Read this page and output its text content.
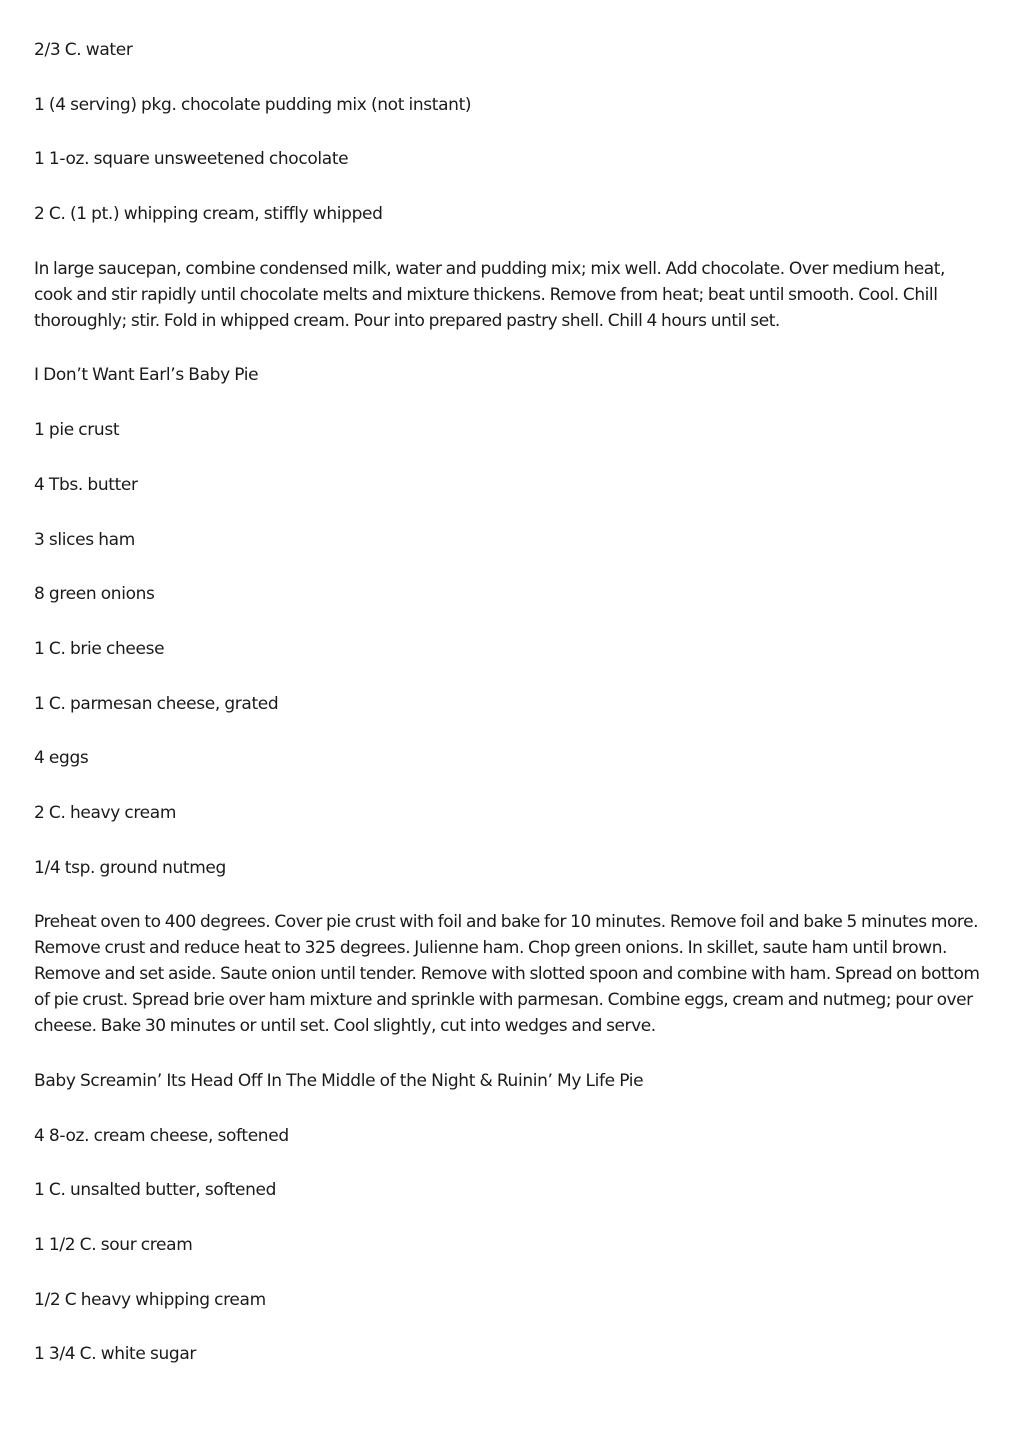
2/3 C. water

1 (4 serving) pkg. chocolate pudding mix (not instant)

1 1-oz. square unsweetened chocolate

2 C. (1 pt.) whipping cream, stiffly whipped

In large saucepan, combine condensed milk, water and pudding mix; mix well. Add chocolate. Over medium heat, cook and stir rapidly until chocolate melts and mixture thickens. Remove from heat; beat until smooth. Cool. Chill thoroughly; stir. Fold in whipped cream. Pour into prepared pastry shell. Chill 4 hours until set.

I Don’t Want Earl’s Baby Pie

1 pie crust

4 Tbs. butter

3 slices ham

8 green onions

1 C. brie cheese

1 C. parmesan cheese, grated

4 eggs

2 C. heavy cream

1/4 tsp. ground nutmeg

Preheat oven to 400 degrees. Cover pie crust with foil and bake for 10 minutes. Remove foil and bake 5 minutes more. Remove crust and reduce heat to 325 degrees. Julienne ham. Chop green onions. In skillet, saute ham until brown. Remove and set aside. Saute onion until tender. Remove with slotted spoon and combine with ham. Spread on bottom of pie crust. Spread brie over ham mixture and sprinkle with parmesan. Combine eggs, cream and nutmeg; pour over cheese. Bake 30 minutes or until set. Cool slightly, cut into wedges and serve.

Baby Screamin’ Its Head Off In The Middle of the Night & Ruinin’ My Life Pie

4 8-oz. cream cheese, softened

1 C. unsalted butter, softened

1 1/2 C. sour cream

1/2 C heavy whipping cream

1 3/4 C. white sugar
